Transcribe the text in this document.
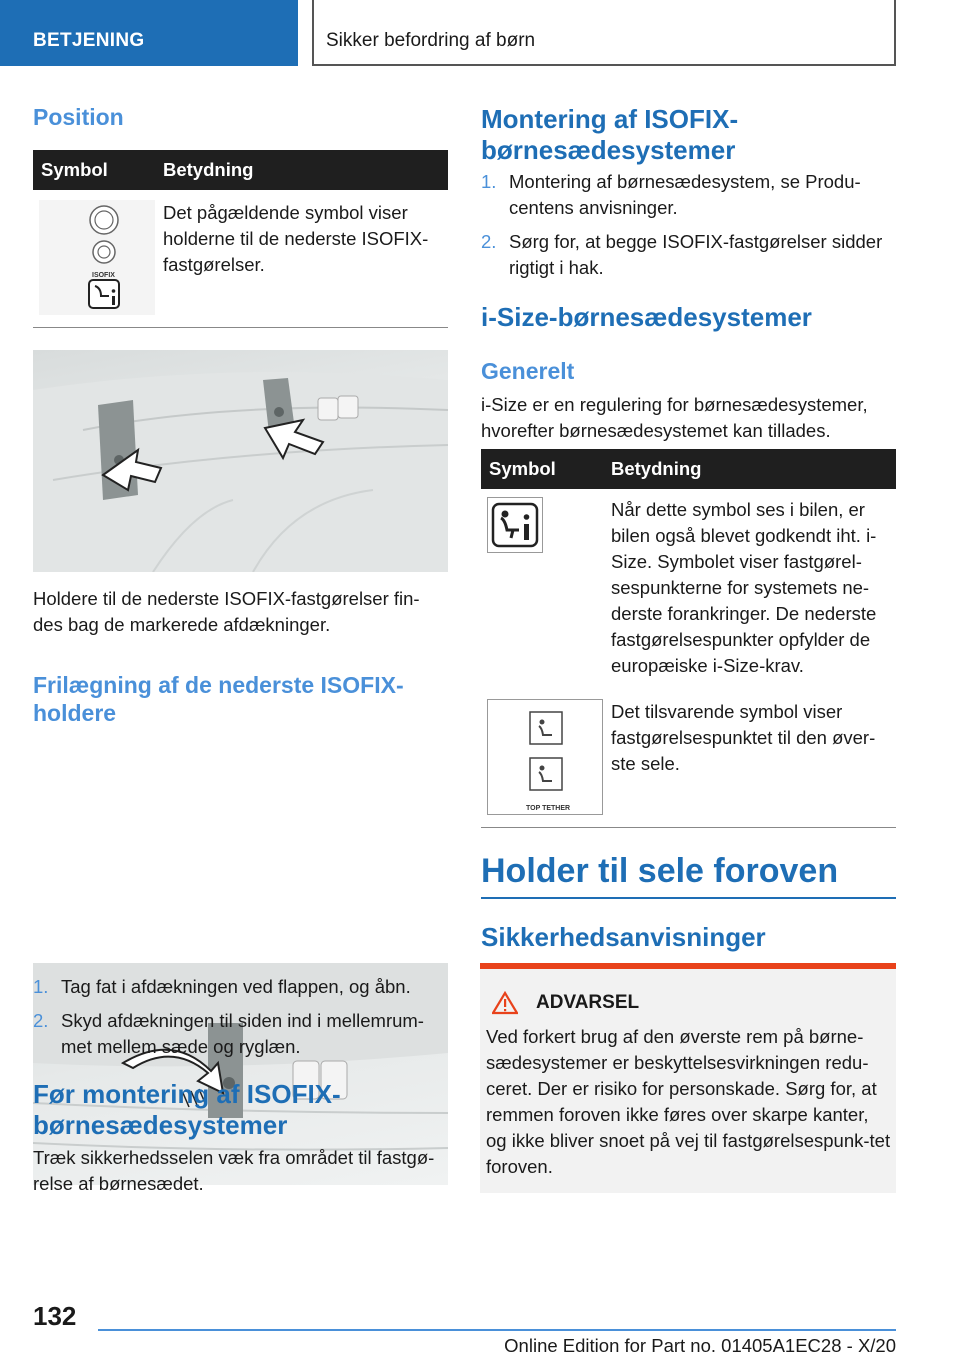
BETJENING	Sikker befordring af børn
Position
Symbol	Betydning

ISOFIX	Det pågældende symbol viser holderne til de nederste ISOFIX-fastgørelser.
Holdere til de nederste ISOFIX-fastgørelser fin-des bag de markerede afdækninger.
Frilægning af de nederste ISOFIX-holdere
1. Tag fat i afdækningen ved flappen, og åbn.
2. Skyd afdækningen til siden ind i mellemrum-met mellem sæde og ryglæn.
Før montering af ISOFIX-børnesædesystemer
Træk sikkerhedsselen væk fra området til fastgø-relse af børnesædet.
Montering af ISOFIX-børnesædesystemer
1. Montering af børnesædesystem, se Produ-centens anvisninger.
2. Sørg for, at begge ISOFIX-fastgørelser sidder rigtigt i hak.
i-Size-børnesædesystemer
Generelt
i-Size er en regulering for børnesædesystemer, hvorefter børnesædesystemet kan tillades.
Symbol	Betydning

	Når dette symbol ses i bilen, er bilen også blevet godkendt iht. i-Size. Symbolet viser fastgørel-sespunkterne for systemets ne-derste forankringer. De nederste fastgørelsespunkter opfylder de europæiske i-Size-krav.

TOP TETHER	Det tilsvarende symbol viser fastgørelsespunktet til den øver-ste sele.
Holder til sele foroven
Sikkerhedsanvisninger
ADVARSEL
Ved forkert brug af den øverste rem på børne-sædesystemer er beskyttelsesvirkningen redu-ceret. Der er risiko for personskade. Sørg for, at remmen foroven ikke føres over skarpe kanter, og ikke bliver snoet på vej til fastgørelsespunk-tet foroven.
132
Online Edition for Part no. 01405A1EC28 - X/20
